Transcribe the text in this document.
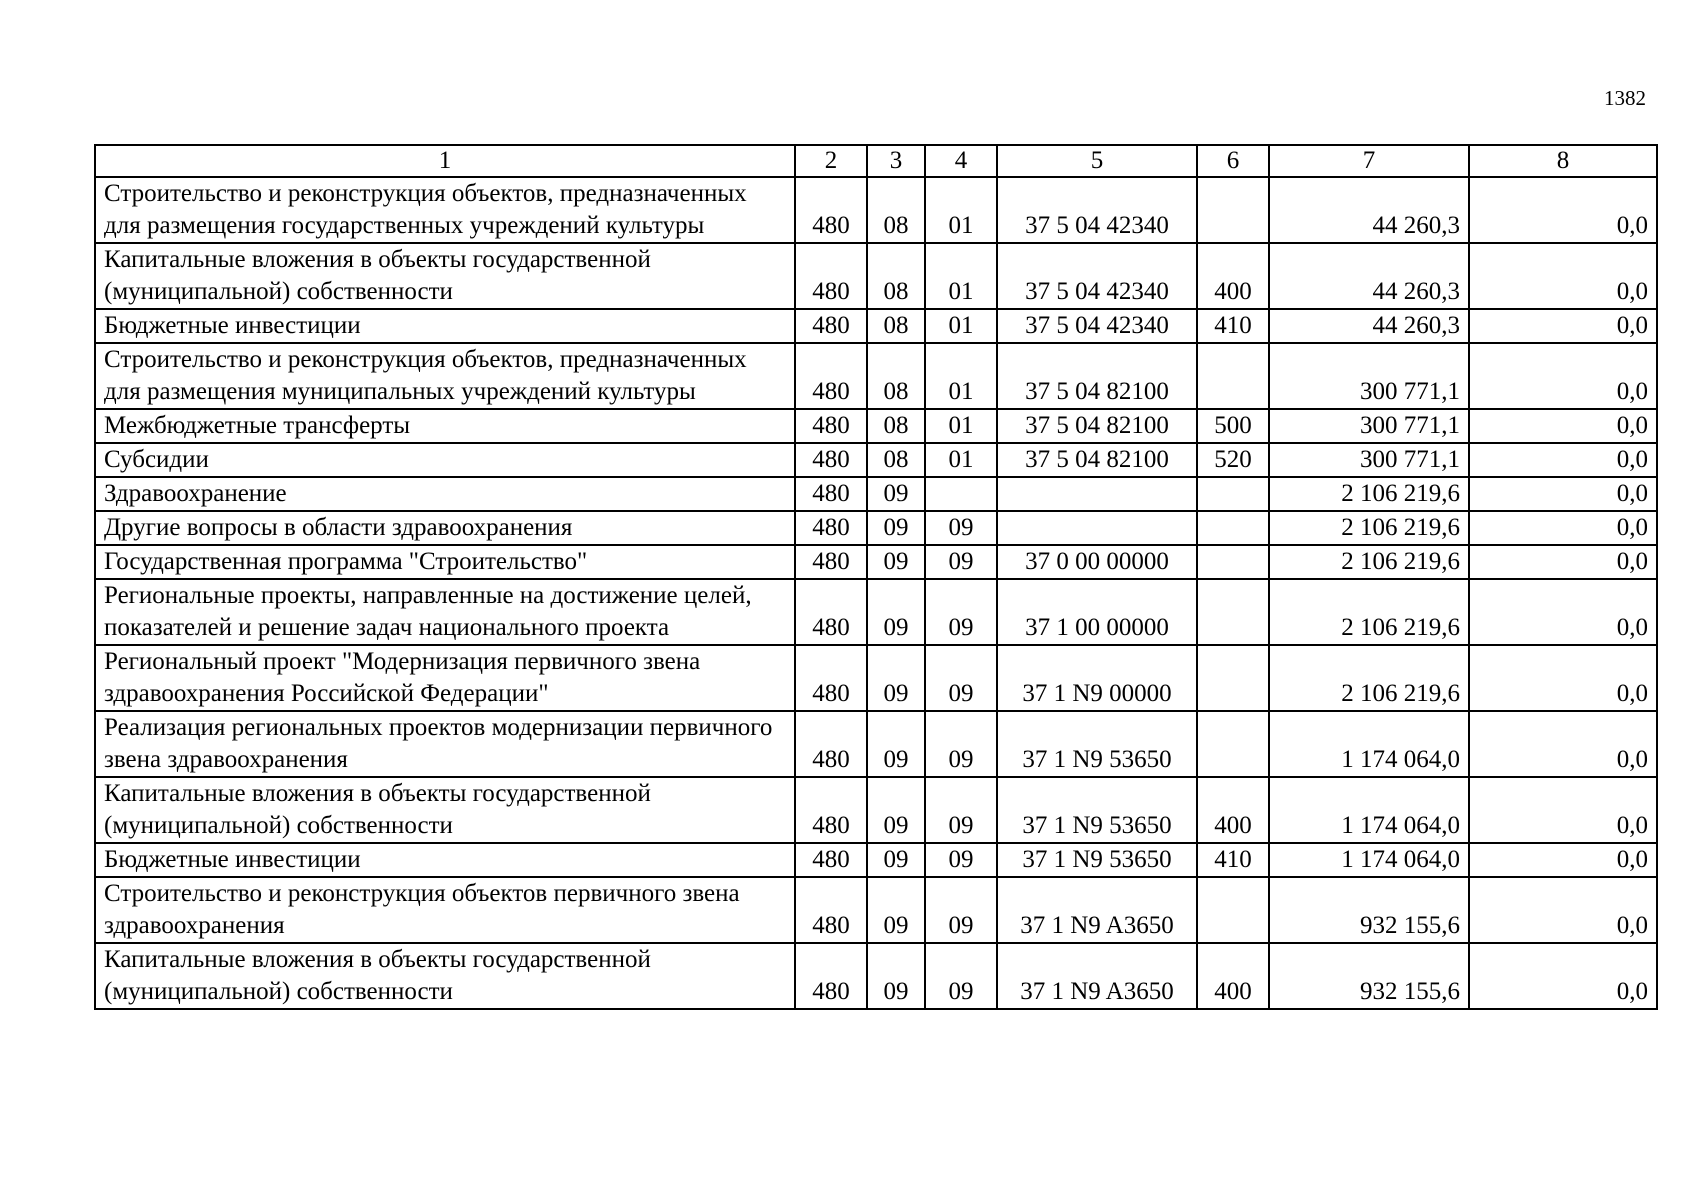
1382
1	2	3	4	5	6	7	8
Строительство и реконструкция объектов, предназначенных для размещения государственных учреждений культуры	480	08	01	37 5 04 42340		44 260,3	0,0
Капитальные вложения в объекты государственной (муниципальной) собственности	480	08	01	37 5 04 42340	400	44 260,3	0,0
Бюджетные инвестиции	480	08	01	37 5 04 42340	410	44 260,3	0,0
Строительство и реконструкция объектов, предназначенных для размещения муниципальных учреждений культуры	480	08	01	37 5 04 82100		300 771,1	0,0
Межбюджетные трансферты	480	08	01	37 5 04 82100	500	300 771,1	0,0
Субсидии	480	08	01	37 5 04 82100	520	300 771,1	0,0
Здравоохранение	480	09				2 106 219,6	0,0
Другие вопросы в области здравоохранения	480	09	09			2 106 219,6	0,0
Государственная программа "Строительство"	480	09	09	37 0 00 00000		2 106 219,6	0,0
Региональные проекты, направленные на достижение целей, показателей и решение задач национального проекта	480	09	09	37 1 00 00000		2 106 219,6	0,0
Региональный проект "Модернизация первичного звена здравоохранения Российской Федерации"	480	09	09	37 1 N9 00000		2 106 219,6	0,0
Реализация региональных проектов модернизации первичного звена здравоохранения	480	09	09	37 1 N9 53650		1 174 064,0	0,0
Капитальные вложения в объекты государственной (муниципальной) собственности	480	09	09	37 1 N9 53650	400	1 174 064,0	0,0
Бюджетные инвестиции	480	09	09	37 1 N9 53650	410	1 174 064,0	0,0
Строительство и реконструкция объектов первичного звена здравоохранения	480	09	09	37 1 N9 A3650		932 155,6	0,0
Капитальные вложения в объекты государственной (муниципальной) собственности	480	09	09	37 1 N9 A3650	400	932 155,6	0,0
